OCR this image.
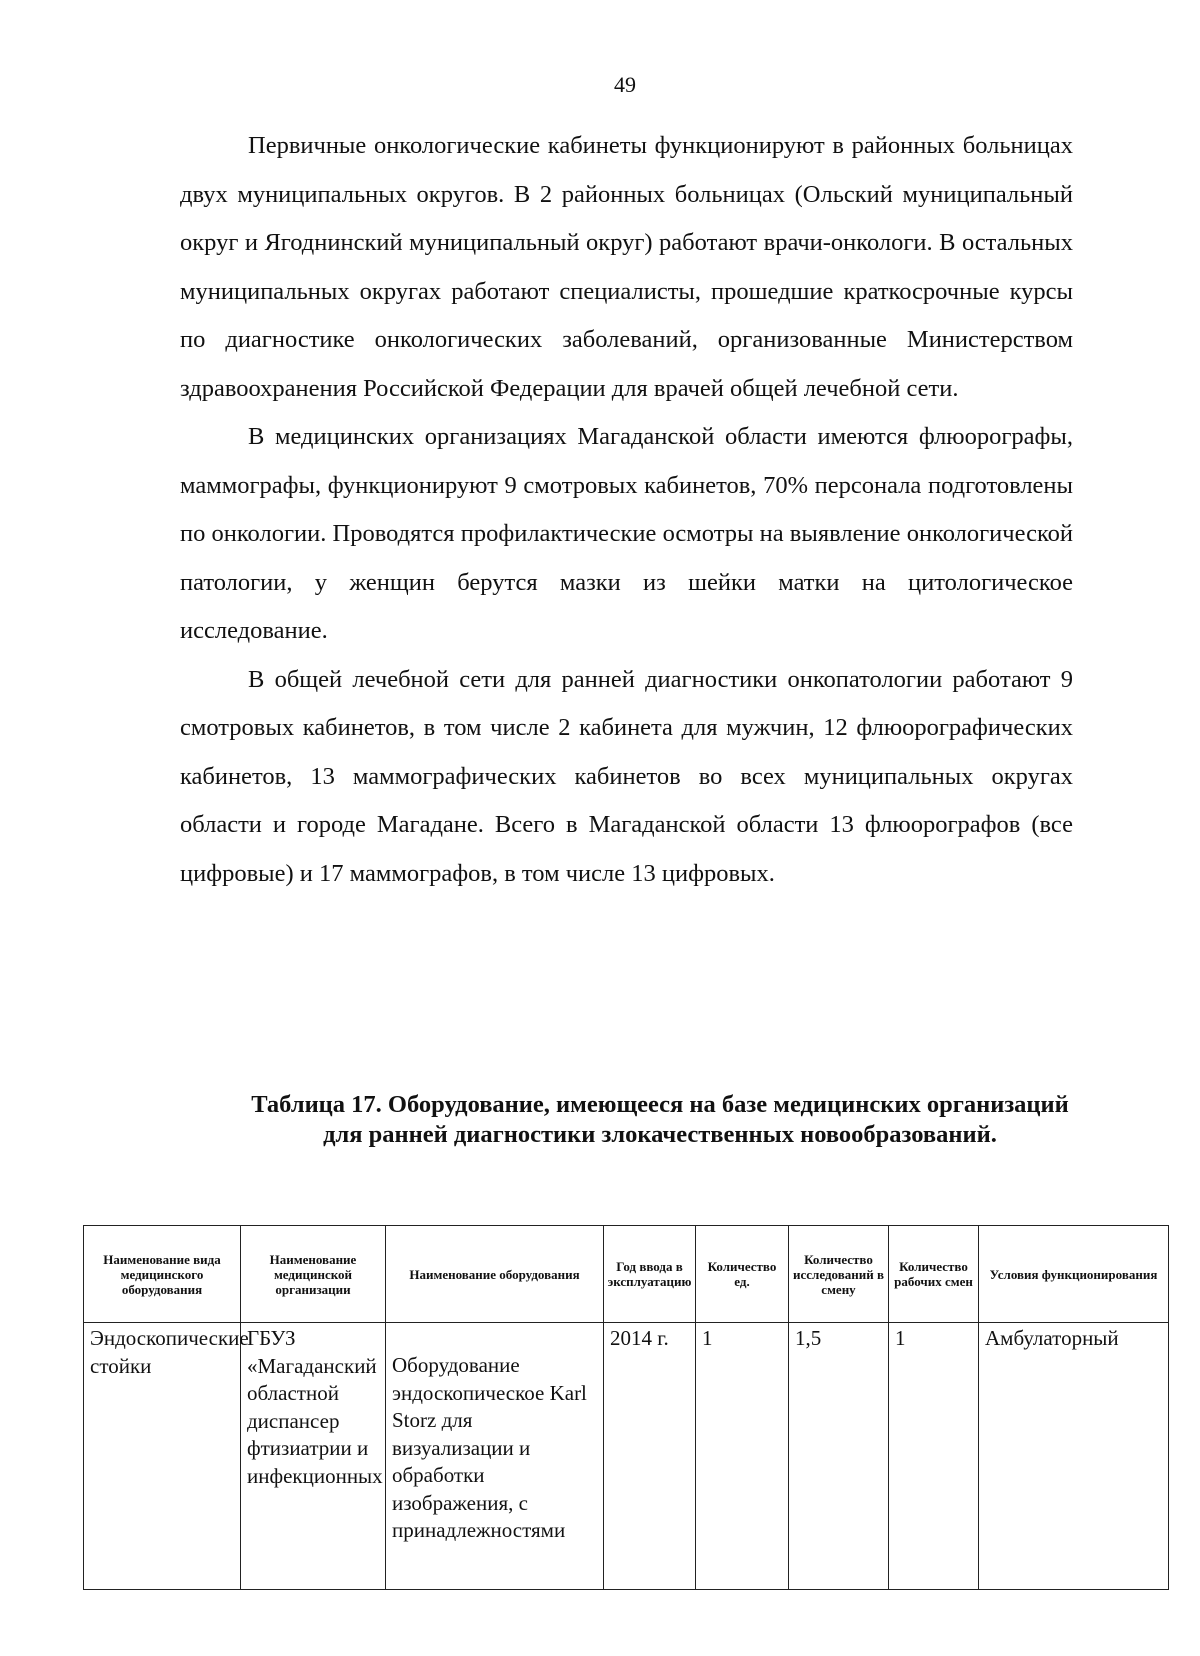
49

Первичные онкологические кабинеты функционируют в районных больницах двух муниципальных округов. В 2 районных больницах (Ольский муниципальный округ и Ягоднинский муниципальный округ) работают врачи-онкологи. В остальных муниципальных округах работают специалисты, прошедшие краткосрочные курсы по диагностике онкологических заболеваний, организованные Министерством здравоохранения Российской Федерации для врачей общей лечебной сети.

В медицинских организациях Магаданской области имеются флюорографы, маммографы, функционируют 9 смотровых кабинетов, 70% персонала подготовлены по онкологии. Проводятся профилактические осмотры на выявление онкологической патологии, у женщин берутся мазки из шейки матки на цитологическое исследование.

В общей лечебной сети для ранней диагностики онкопатологии работают 9 смотровых кабинетов, в том числе 2 кабинета для мужчин, 12 флюорографических кабинетов, 13 маммографических кабинетов во всех муниципальных округах области и городе Магадане. Всего в Магаданской области 13 флюорографов (все цифровые) и 17 маммографов, в том числе 13 цифровых.

Таблица 17. Оборудование, имеющееся на базе медицинских организаций для ранней диагностики злокачественных новообразований.
Наименование вида медицинского оборудования	Наименование медицинской организации	Наименование оборудования	Год ввода в эксплуатацию	Количество ед.	Количество исследований в смену	Количество рабочих смен	Условия функционирования
Эндоскопические стойки	ГБУЗ «Магаданский областной диспансер фтизиатрии и инфекционных	Оборудование эндоскопическое Karl Storz для визуализации и обработки изображения, с принадлежностями	2014 г.	1	1,5	1	Амбулаторный
